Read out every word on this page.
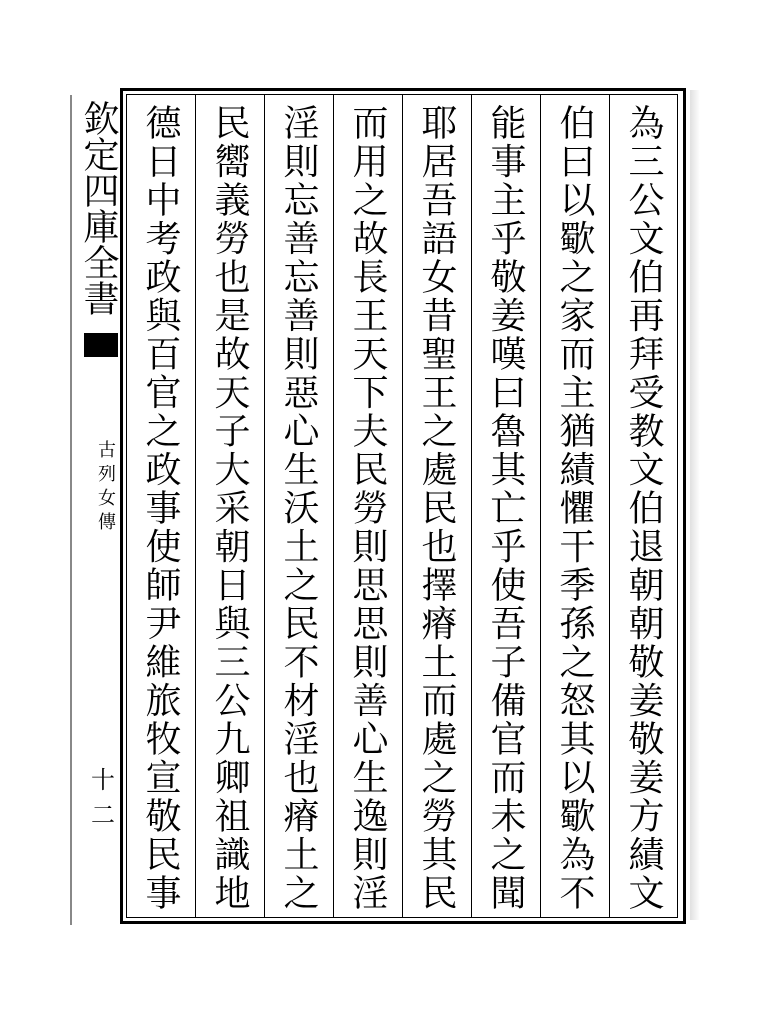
欽定四庫全書
古列女傳
十二	為三公文伯再拜受教文伯退朝朝敬姜敬姜方績文
伯曰以歜之家而主猶績懼干季孫之怒其以歜為不
能事主乎敬姜嘆曰魯其亡乎使吾子備官而未之聞
耶居吾語女昔聖王之處民也擇瘠土而處之勞其民
而用之故長王天下夫民勞則思思則善心生逸則淫
淫則忘善忘善則惡心生沃土之民不材淫也瘠土之
民嚮義勞也是故天子大采朝日與三公九卿祖識地
德日中考政與百官之政事使師尹維旅牧宣敬民事
